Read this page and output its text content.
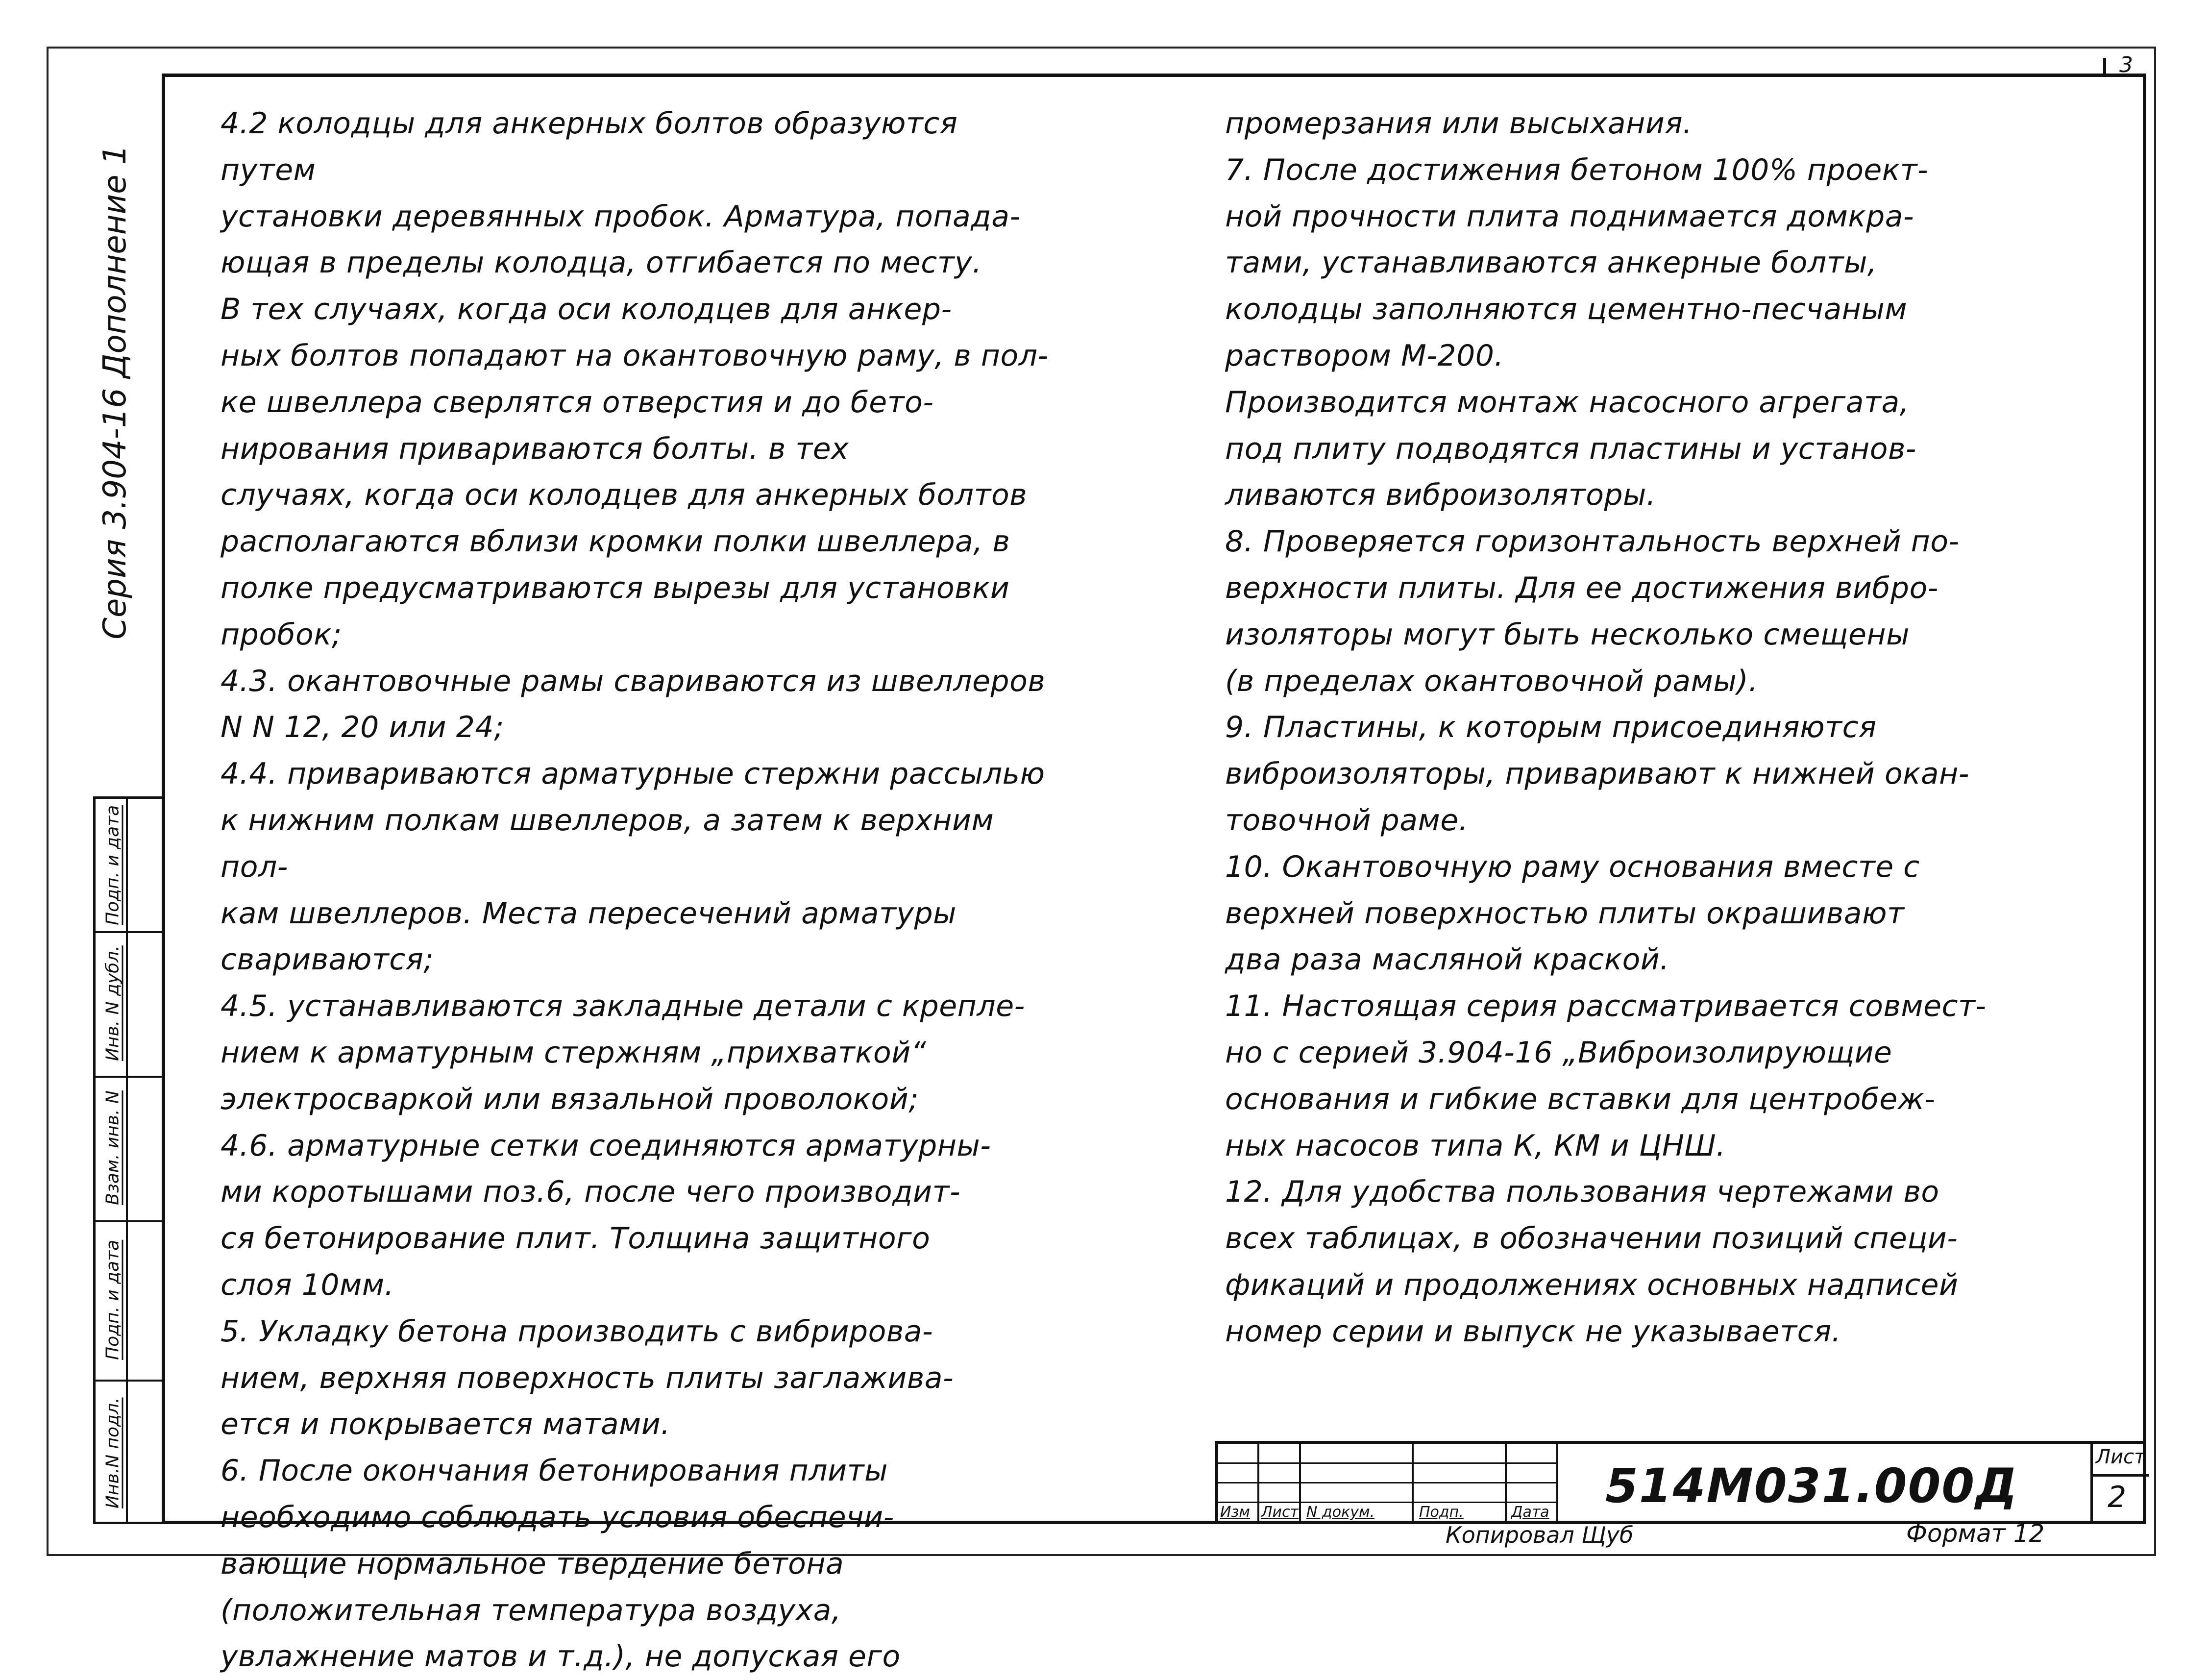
3
Серия 3.904-16 Дополнение 1
Инв.N подл.
Подп. и дата
Взам. инв. N
Инв. N дубл.
Подп. и дата

4.2 колодцы для анкерных болтов образуются путем

установки деревянных пробок. Арматура, попада-

ющая в пределы колодца, отгибается по месту.

В тех случаях, когда оси колодцев для анкер-

ных болтов попадают на окантовочную раму, в пол-

ке швеллера сверлятся отверстия и до бето-

нирования привариваются болты. в тех

случаях, когда оси колодцев для анкерных болтов

располагаются вблизи кромки полки швеллера, в

полке предусматриваются вырезы для установки

пробок;

4.3. окантовочные рамы свариваются из швеллеров

N N 12, 20 или 24;

4.4. привариваются арматурные стержни рассылью

к нижним полкам швеллеров, а затем к верхним пол-

кам швеллеров. Места пересечений арматуры свариваются;

4.5. устанавливаются закладные детали с крепле-

нием к арматурным стержням „прихваткой“

электросваркой или вязальной проволокой;

4.6. арматурные сетки соединяются арматурны-

ми коротышами поз.6, после чего производит-

ся бетонирование плит. Толщина защитного

слоя 10мм.

5. Укладку бетона производить с вибрирова-

нием, верхняя поверхность плиты заглажива-

ется и покрывается матами.

6. После окончания бетонирования плиты

необходимо соблюдать условия обеспечи-

вающие нормальное твердение бетона

(положительная температура воздуха,

увлажнение матов и т.д.), не допуская его

промерзания или высыхания.

7. После достижения бетоном 100% проект-

ной прочности плита поднимается домкра-

тами, устанавливаются анкерные болты,

колодцы заполняются цементно-песчаным

раствором М-200.

Производится монтаж насосного агрегата,

под плиту подводятся пластины и установ-

ливаются виброизоляторы.

8. Проверяется горизонтальность верхней по-

верхности плиты. Для ее достижения вибро-

изоляторы могут быть несколько смещены

(в пределах окантовочной рамы).

9. Пластины, к которым присоединяются

виброизоляторы, приваривают к нижней окан-

товочной раме.

10. Окантовочную раму основания вместе с

верхней поверхностью плиты окрашивают

два раза масляной краской.

11. Настоящая серия рассматривается совмест-

но с серией 3.904-16 „Виброизолирующие

основания и гибкие вставки для центробеж-

ных насосов типа К, КМ и ЦНШ.

12. Для удобства пользования чертежами во

всех таблицах, в обозначении позиций специ-

фикаций и продолжениях основных надписей

номер серии и выпуск не указывается.

Изм Лист N докум.	Подп.	Дата 514М031.000Д
Лист
2
Копировал Щуб	Формат 12
